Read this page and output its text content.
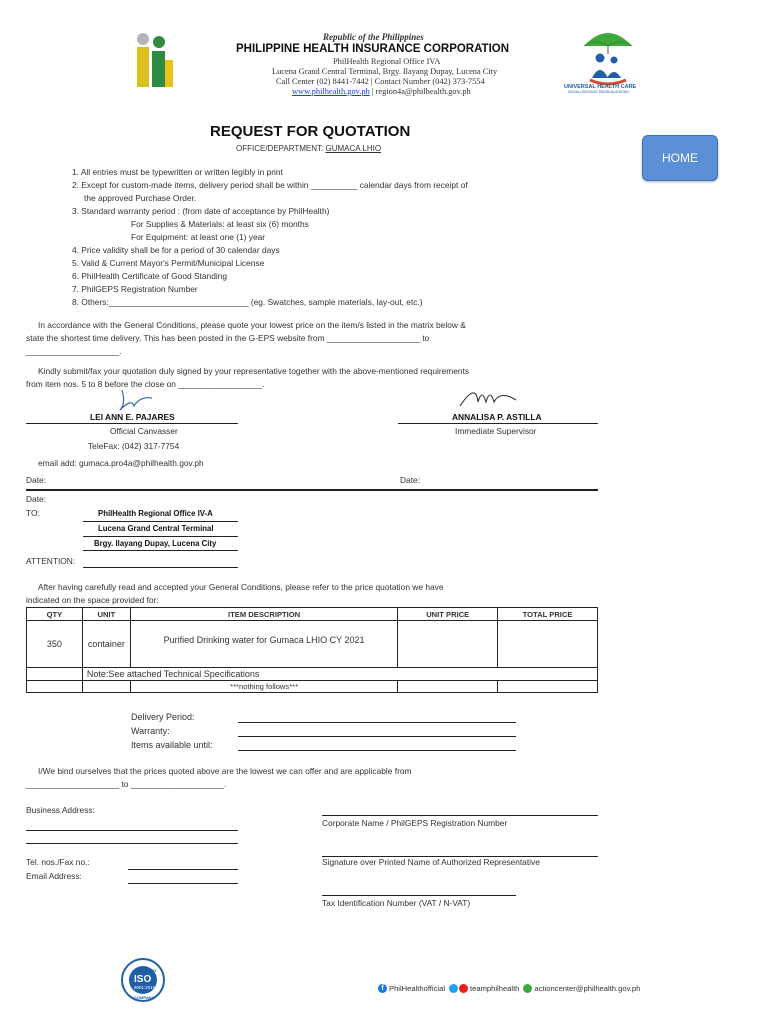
Republic of the Philippines
PHILIPPINE HEALTH INSURANCE CORPORATION
PhilHealth Regional Office IVA
Lucena Grand Central Terminal, Brgy. Ilayang Dupay, Lucena City
Call Center (02) 8441-7442 | Contact Number (042) 373-7554
www.philhealth.gov.ph | region4a@philhealth.gov.ph	UNIVERSAL HEALTH CARE
SA KALUSUGANG PANGKALAHATAN
HOME
REQUEST FOR QUOTATION
OFFICE/DEPARTMENT: GUMACA LHIO
1. All entries must be typewritten or written legibly in print
2. Except for custom-made items, delivery period shall be within __________ calendar days from receipt of
the approved Purchase Order.
3. Standard warranty period : (from date of acceptance by PhilHealth)
For Supplies & Materials: at least six (6) months
For Equipment: at least one (1) year
4. Price validity shall be for a period of 30 calendar days
5. Valid & Current Mayor's Permit/Municipal License
6. PhilHealth Certificate of Good Standing
7. PhilGEPS Registration Number
8. Others:______________________________ (eg. Swatches, sample materials, lay-out, etc.)
In accordance with the General Conditions, please quote your lowest price on the item/s listed in the matrix below &
state the shortest time delivery. This has been posted in the G-EPS website from ____________________ to
____________________.
Kindly submit/fax your quotation duly signed by your representative together with the above-mentioned requirements
from item nos. 5 to 8 before the close on __________________.
LEI ANN E. PAJARES	ANNALISA P. ASTILLA
Official Canvasser	Immediate Supervisor
TeleFax: (042) 317-7754
email add: gumaca.pro4a@philhealth.gov.ph
Date:	Date:
Date:
TO:	PhilHealth Regional Office IV-A
Lucena Grand Central Terminal
Brgy. Ilayang Dupay, Lucena City
ATTENTION:
After having carefully read and accepted your General Conditions, please refer to the price quotation we have
indicated on the space provided for:
QTY	UNIT	ITEM DESCRIPTION	UNIT PRICE	TOTAL PRICE
350	container	Purified Drinking water for Gumaca LHIO CY 2021		
	Note:See attached Technical Specifications			
		***nothing follows***		
Delivery Period:
Warranty:
Items available until:
I/We bind ourselves that the prices quoted above are the lowest we can offer and are applicable from
____________________ to ____________________.
Business Address:
Corporate Name / PhilGEPS Registration Number
Tel. nos./Fax no.:	Signature over Printed Name of Authorized Representative
Email Address:
Tax Identification Number (VAT / N-VAT)
CERTIFIED
ISO
9001:2015
COMPANY
f PhilHealthofficial	teamphilhealth actioncenter@philhealth.gov.ph
